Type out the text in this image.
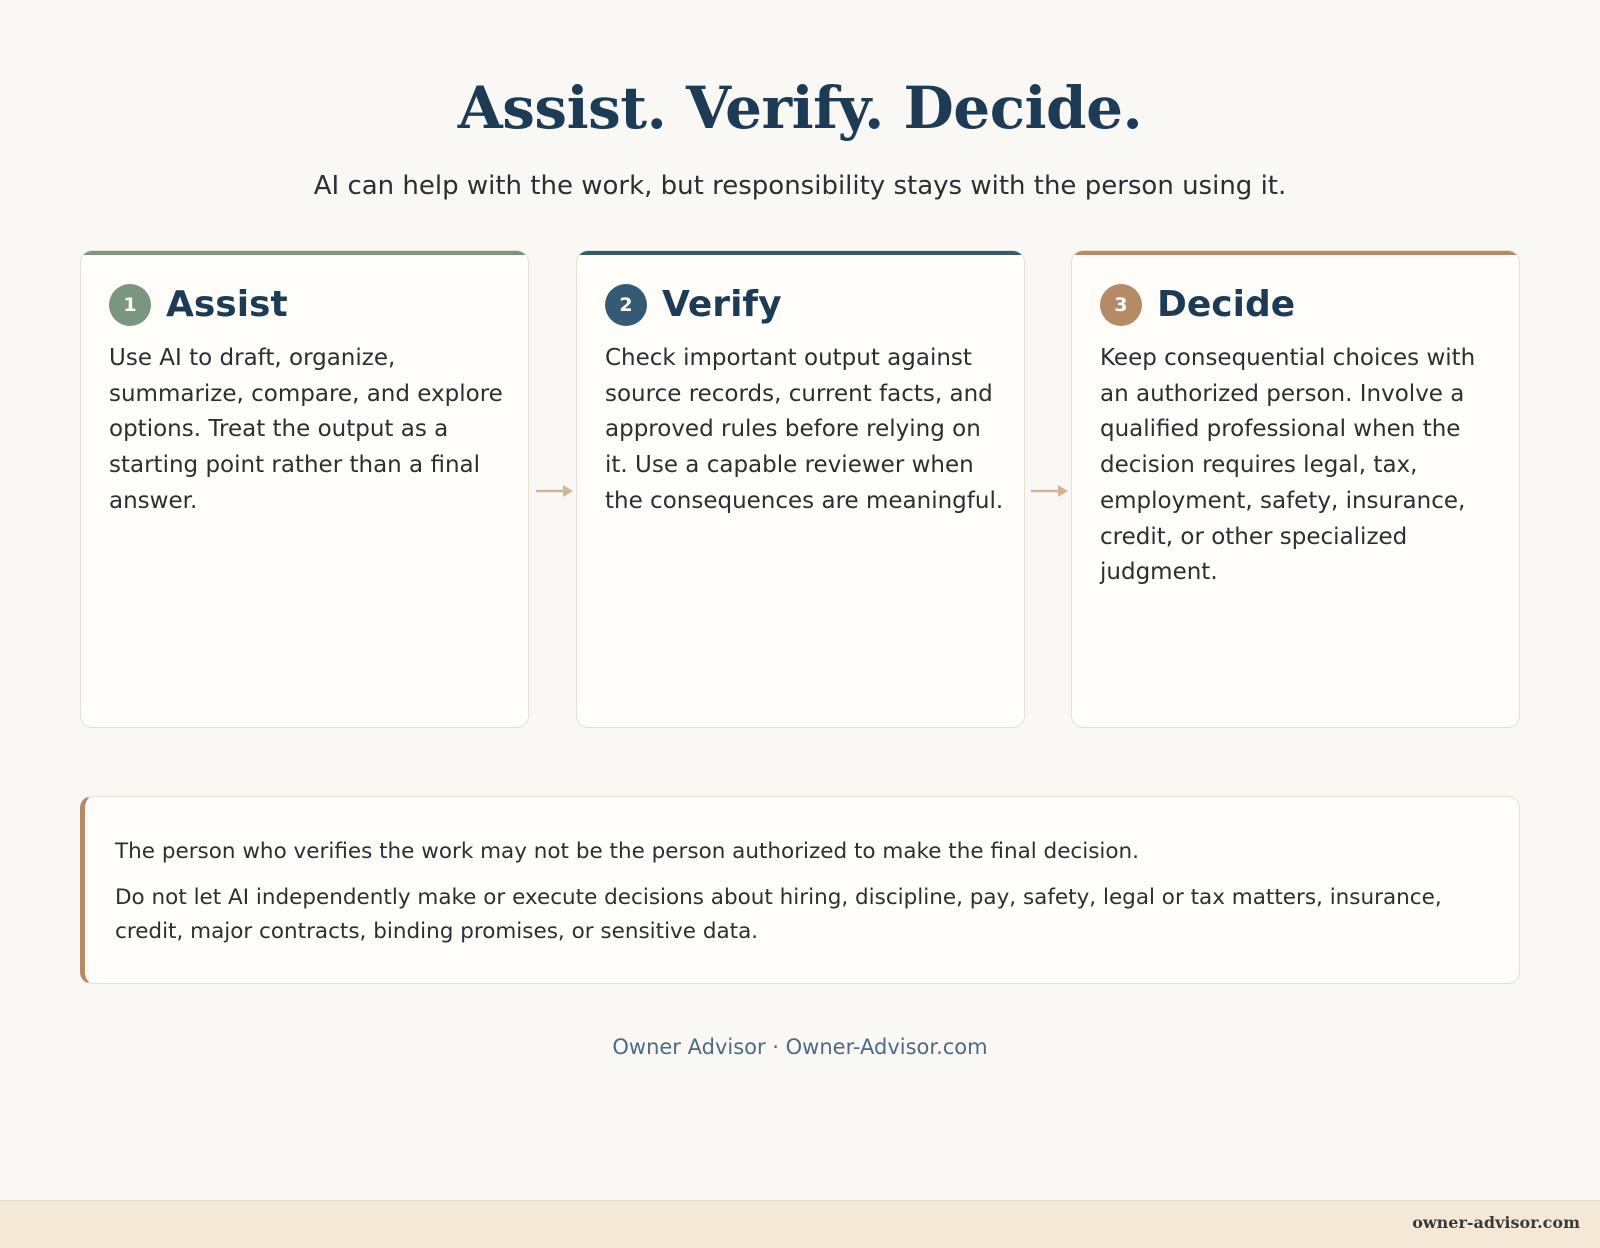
Assist. Verify. Decide.

AI can help with the work, but responsibility stays with the person using it.

1 Assist

Use AI to draft, organize, summarize, compare, and explore options. Treat the output as a starting point rather than a final answer.

2 Verify

Check important output against source records, current facts, and approved rules before relying on it. Use a capable reviewer when the consequences are meaningful.

3 Decide

Keep consequential choices with an authorized person. Involve a qualified professional when the decision requires legal, tax, employment, safety, insurance, credit, or other specialized judgment.

The person who verifies the work may not be the person authorized to make the final decision.

Do not let AI independently make or execute decisions about hiring, discipline, pay, safety, legal or tax matters, insurance, credit, major contracts, binding promises, or sensitive data.

Owner Advisor · Owner-Advisor.com
owner-advisor.com
